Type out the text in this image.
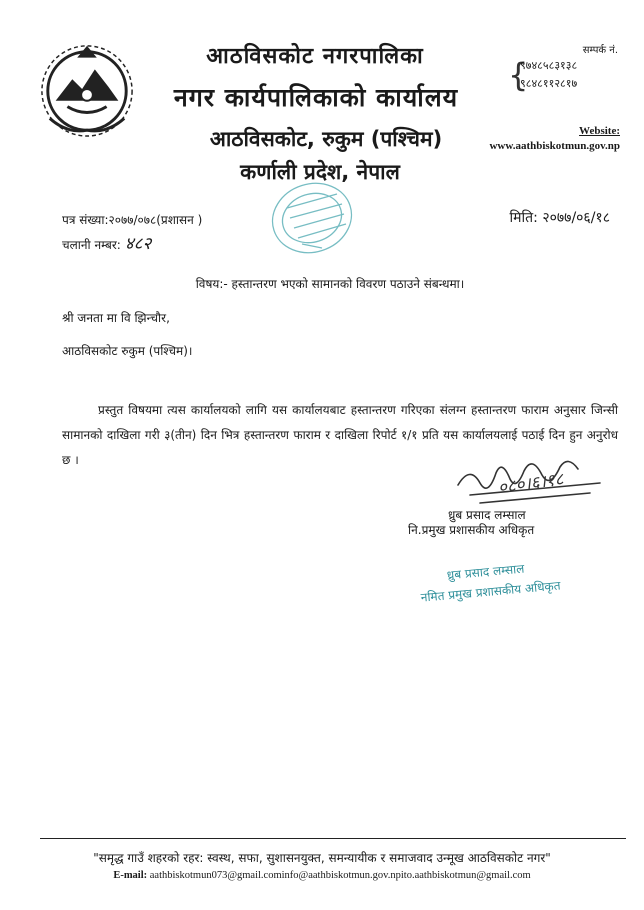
आठविसकोट नगरपालिका
नगर कार्यपालिकाको कार्यालय
आठविसकोट, रुकुम (पश्चिम)
कर्णाली प्रदेश, नेपाल
सम्पर्क नं.
{
९७४८५८३१३८
९८४८११२८१७
Website:
www.aathbiskotmun.gov.np
पत्र संख्या:२०७७/०७८(प्रशासन )
चलानी नम्बर: ४८२
मिति: २०७७/०६/१८
विषय:- हस्तान्तरण भएको सामानको विवरण पठाउने संबन्धमा।
श्री जनता मा वि झिन्चौर,
आठविसकोट रुकुम (पश्चिम)।
प्रस्तुत विषयमा त्यस कार्यालयको लागि यस कार्यालयबाट हस्तान्तरण गरिएका संलग्न हस्तान्तरण फाराम अनुसार जिन्सी सामानको दाखिला गरी ३(तीन) दिन भित्र हस्तान्तरण फाराम र दाखिला रिपोर्ट १/१ प्रति यस कार्यालयलाई पठाई दिन हुन अनुरोध छ ।
०८०।६।१८
ध्रुब प्रसाद लम्साल
नि.प्रमुख प्रशासकीय अधिकृत
ध्रुब प्रसाद लम्साल
नमित प्रमुख प्रशासकीय अधिकृत
"समृद्ध गाउँ शहरको रहर: स्वस्थ, सफा, सुशासनयुक्त, समन्यायीक र समाजवाद उन्मूख आठविसकोट नगर"
E-mail: aathbiskotmun073@gmail.cominfo@aathbiskotmun.gov.npito.aathbiskotmun@gmail.com
